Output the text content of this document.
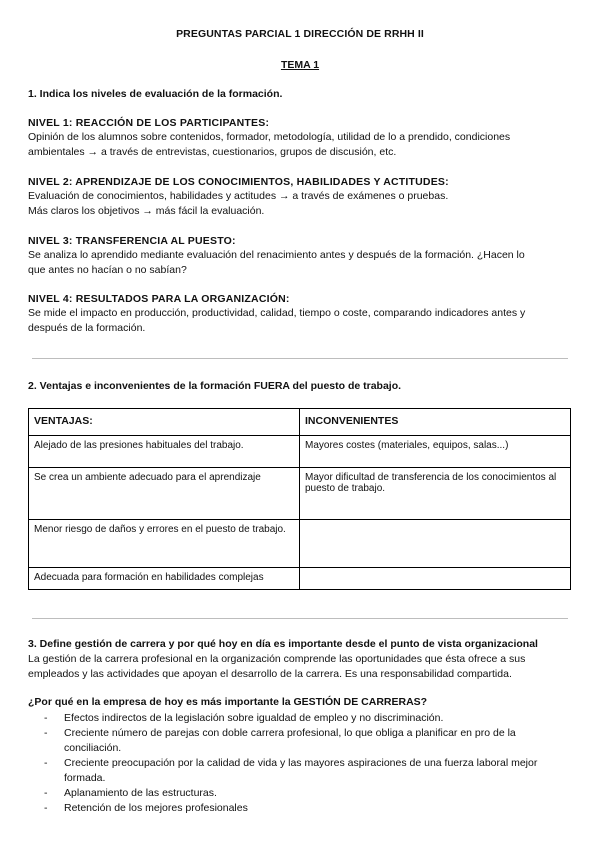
PREGUNTAS PARCIAL 1 DIRECCIÓN DE RRHH II
TEMA 1
1. Indica los niveles de evaluación de la formación.
NIVEL 1: REACCIÓN DE LOS PARTICIPANTES:
Opinión de los alumnos sobre contenidos, formador, metodología, utilidad de lo a prendido, condiciones
ambientales → a través de entrevistas, cuestionarios, grupos de discusión, etc.
NIVEL 2: APRENDIZAJE DE LOS CONOCIMIENTOS, HABILIDADES Y ACTITUDES:
Evaluación de conocimientos, habilidades y actitudes → a través de exámenes o pruebas.
Más claros los objetivos → más fácil la evaluación.
NIVEL 3: TRANSFERENCIA AL PUESTO:
Se analiza lo aprendido mediante evaluación del renacimiento antes y después de la formación. ¿Hacen lo
que antes no hacían o no sabían?
NIVEL 4: RESULTADOS PARA LA ORGANIZACIÓN:
Se mide el impacto en producción, productividad, calidad, tiempo o coste, comparando indicadores antes y
después de la formación.
2. Ventajas e inconvenientes de la formación FUERA del puesto de trabajo.
VENTAJAS:	INCONVENIENTES
Alejado de las presiones habituales del trabajo.	Mayores costes (materiales, equipos, salas...)
Se crea un ambiente adecuado para el aprendizaje	Mayor dificultad de transferencia de los conocimientos al puesto de trabajo.
Menor riesgo de daños y errores en el puesto de trabajo.	
Adecuada para formación en habilidades complejas	
3. Define gestión de carrera y por qué hoy en día es importante desde el punto de vista organizacional
La gestión de la carrera profesional en la organización comprende las oportunidades que ésta ofrece a sus
empleados y las actividades que apoyan el desarrollo de la carrera. Es una responsabilidad compartida.
¿Por qué en la empresa de hoy es más importante la GESTIÓN DE CARRERAS?
- Efectos indirectos de la legislación sobre igualdad de empleo y no discriminación.
- Creciente número de parejas con doble carrera profesional, lo que obliga a planificar en pro de la conciliación.
- Creciente preocupación por la calidad de vida y las mayores aspiraciones de una fuerza laboral mejor formada.
- Aplanamiento de las estructuras.
- Retención de los mejores profesionales
